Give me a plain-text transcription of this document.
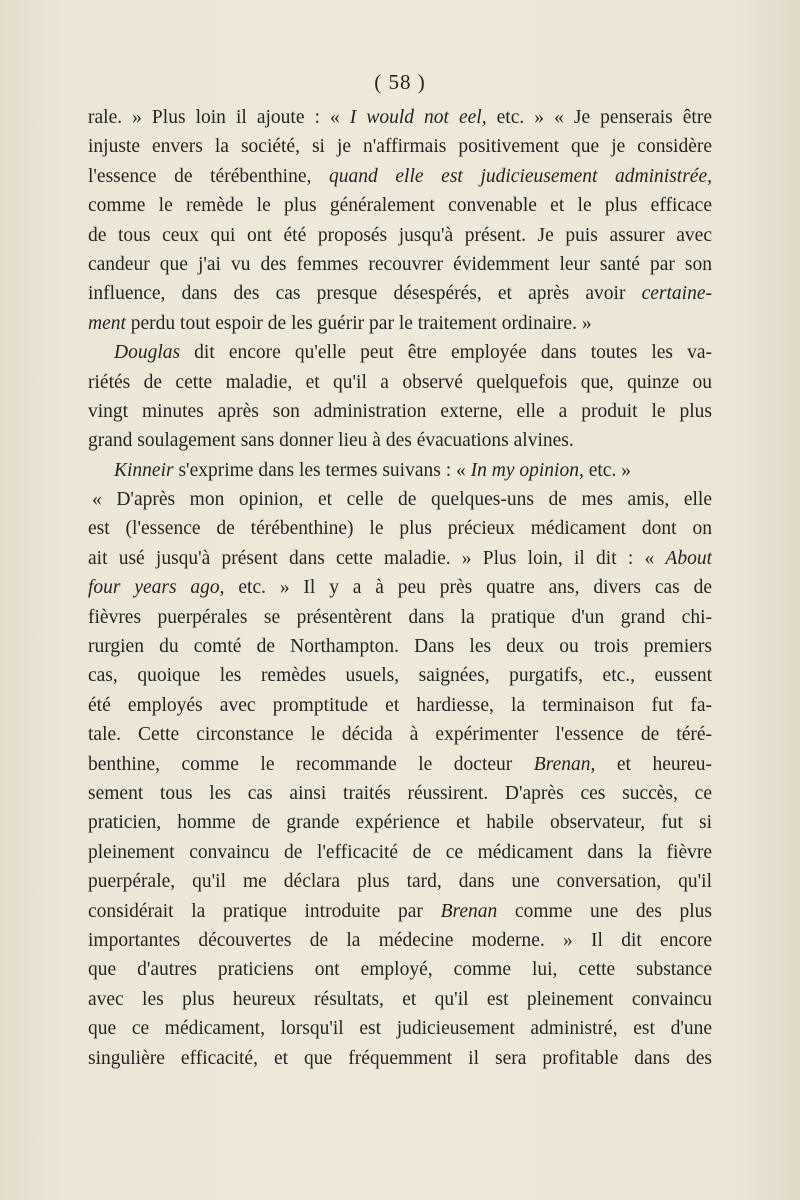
( 58 )
rale. » Plus loin il ajoute : « I would not eel, etc. » « Je penserais être
injuste envers la société, si je n'affirmais positivement que je considère
l'essence de térébenthine, quand elle est judicieusement administrée,
comme le remède le plus généralement convenable et le plus efficace
de tous ceux qui ont été proposés jusqu'à présent. Je puis assurer avec
candeur que j'ai vu des femmes recouvrer évidemment leur santé par son
influence, dans des cas presque désespérés, et après avoir certaine-
ment perdu tout espoir de les guérir par le traitement ordinaire. »
Douglas dit encore qu'elle peut être employée dans toutes les va-
riétés de cette maladie, et qu'il a observé quelquefois que, quinze ou
vingt minutes après son administration externe, elle a produit le plus
grand soulagement sans donner lieu à des évacuations alvines.
Kinneir s'exprime dans les termes suivans : « In my opinion, etc. »
« D'après mon opinion, et celle de quelques-uns de mes amis, elle
est (l'essence de térébenthine) le plus précieux médicament dont on
ait usé jusqu'à présent dans cette maladie. » Plus loin, il dit : « About
four years ago, etc. » Il y a à peu près quatre ans, divers cas de
fièvres puerpérales se présentèrent dans la pratique d'un grand chi-
rurgien du comté de Northampton. Dans les deux ou trois premiers
cas, quoique les remèdes usuels, saignées, purgatifs, etc., eussent
été employés avec promptitude et hardiesse, la terminaison fut fa-
tale. Cette circonstance le décida à expérimenter l'essence de téré-
benthine, comme le recommande le docteur Brenan, et heureu-
sement tous les cas ainsi traités réussirent. D'après ces succès, ce
praticien, homme de grande expérience et habile observateur, fut si
pleinement convaincu de l'efficacité de ce médicament dans la fièvre
puerpérale, qu'il me déclara plus tard, dans une conversation, qu'il
considérait la pratique introduite par Brenan comme une des plus
importantes découvertes de la médecine moderne. » Il dit encore
que d'autres praticiens ont employé, comme lui, cette substance
avec les plus heureux résultats, et qu'il est pleinement convaincu
que ce médicament, lorsqu'il est judicieusement administré, est d'une
singulière efficacité, et que fréquemment il sera profitable dans des
